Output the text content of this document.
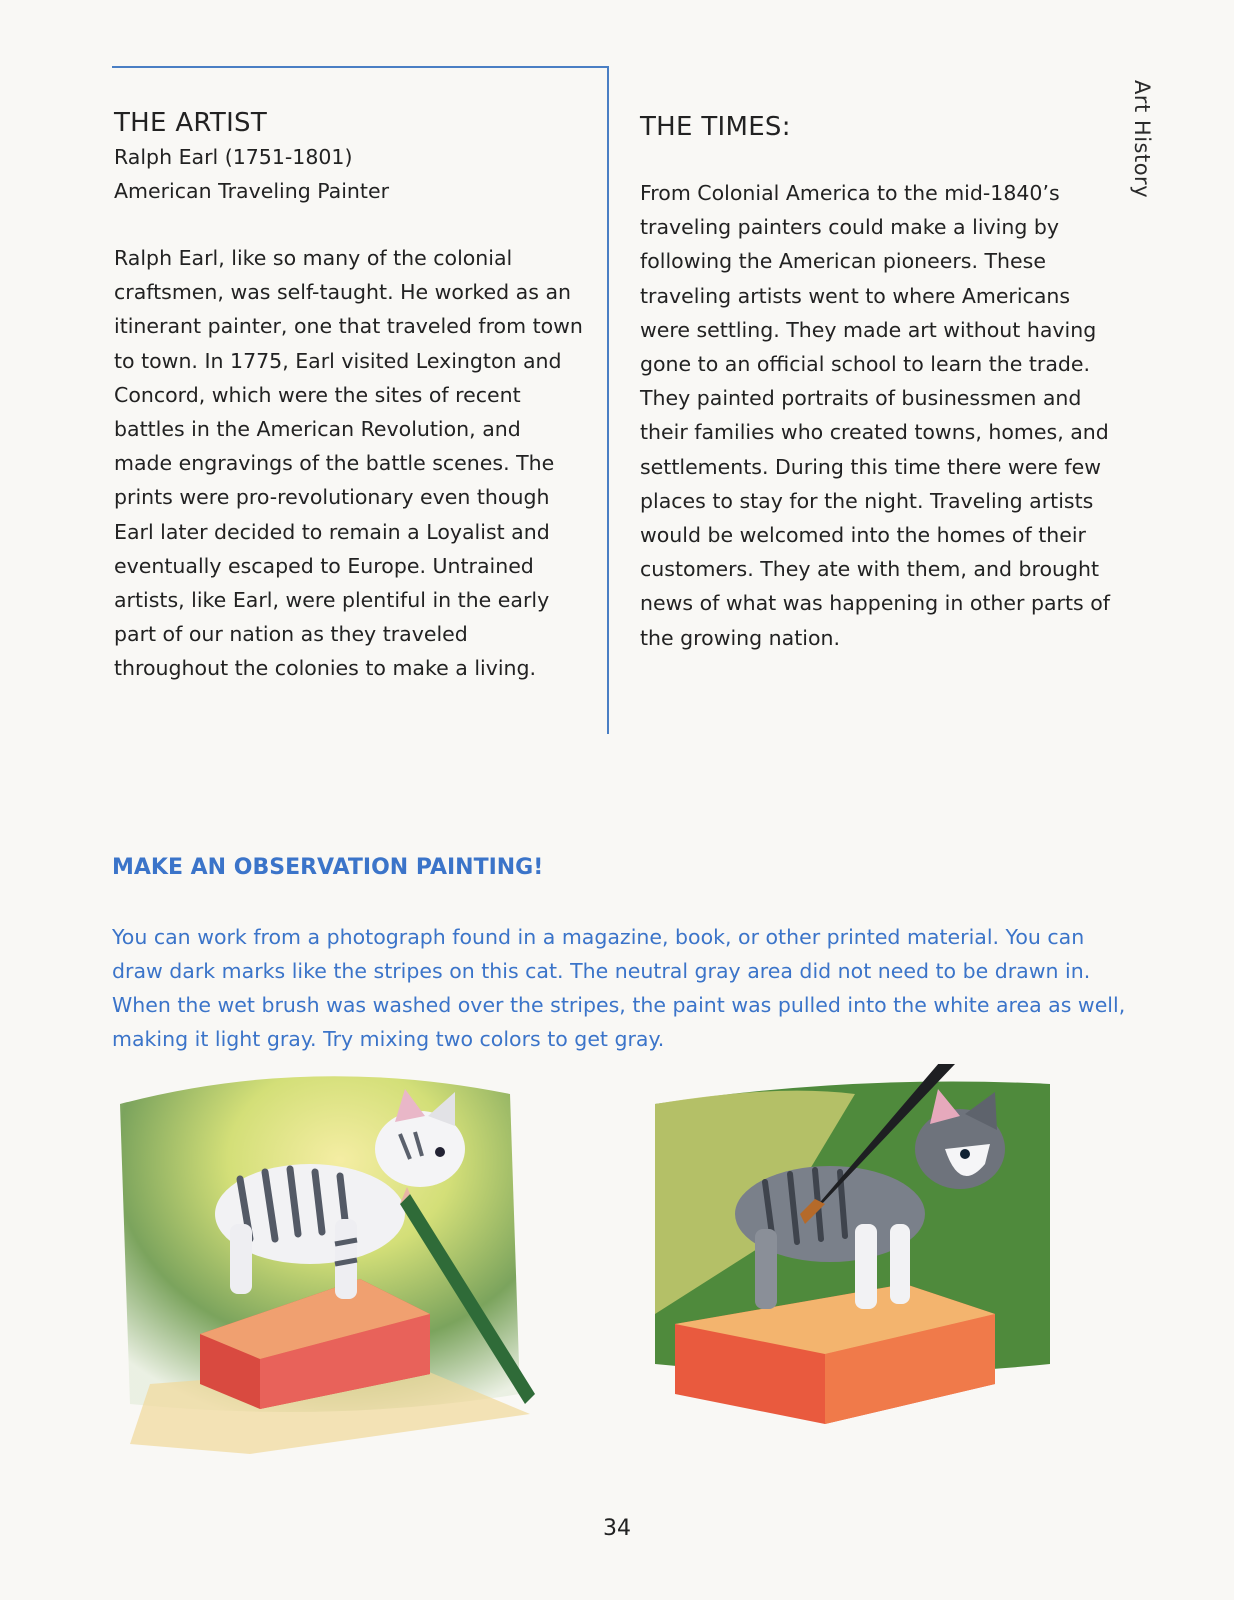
Art History
THE ARTIST

Ralph Earl (1751-1801)

American Traveling Painter

Ralph Earl, like so many of the colonial craftsmen, was self-taught. He worked as an itinerant painter, one that traveled from town to town. In 1775, Earl visited Lexington and Concord, which were the sites of recent battles in the American Revolution, and made engravings of the battle scenes. The prints were pro-revolutionary even though Earl later decided to remain a Loyalist and eventually escaped to Europe. Untrained artists, like Earl, were plentiful in the early part of our nation as they traveled throughout the colonies to make a living.

THE TIMES:

From Colonial America to the mid-1840’s traveling painters could make a living by following the American pioneers. These traveling artists went to where Americans were settling. They made art without having gone to an official school to learn the trade. They painted portraits of businessmen and their families who created towns, homes, and settlements. During this time there were few places to stay for the night. Traveling artists would be welcomed into the homes of their customers. They ate with them, and brought news of what was happening in other parts of the growing nation.

MAKE AN OBSERVATION PAINTING!

You can work from a photograph found in a magazine, book, or other printed material. You can draw dark marks like the stripes on this cat. The neutral gray area did not need to be drawn in. When the wet brush was washed over the stripes, the paint was pulled into the white area as well, making it light gray. Try mixing two colors to get gray.

34
